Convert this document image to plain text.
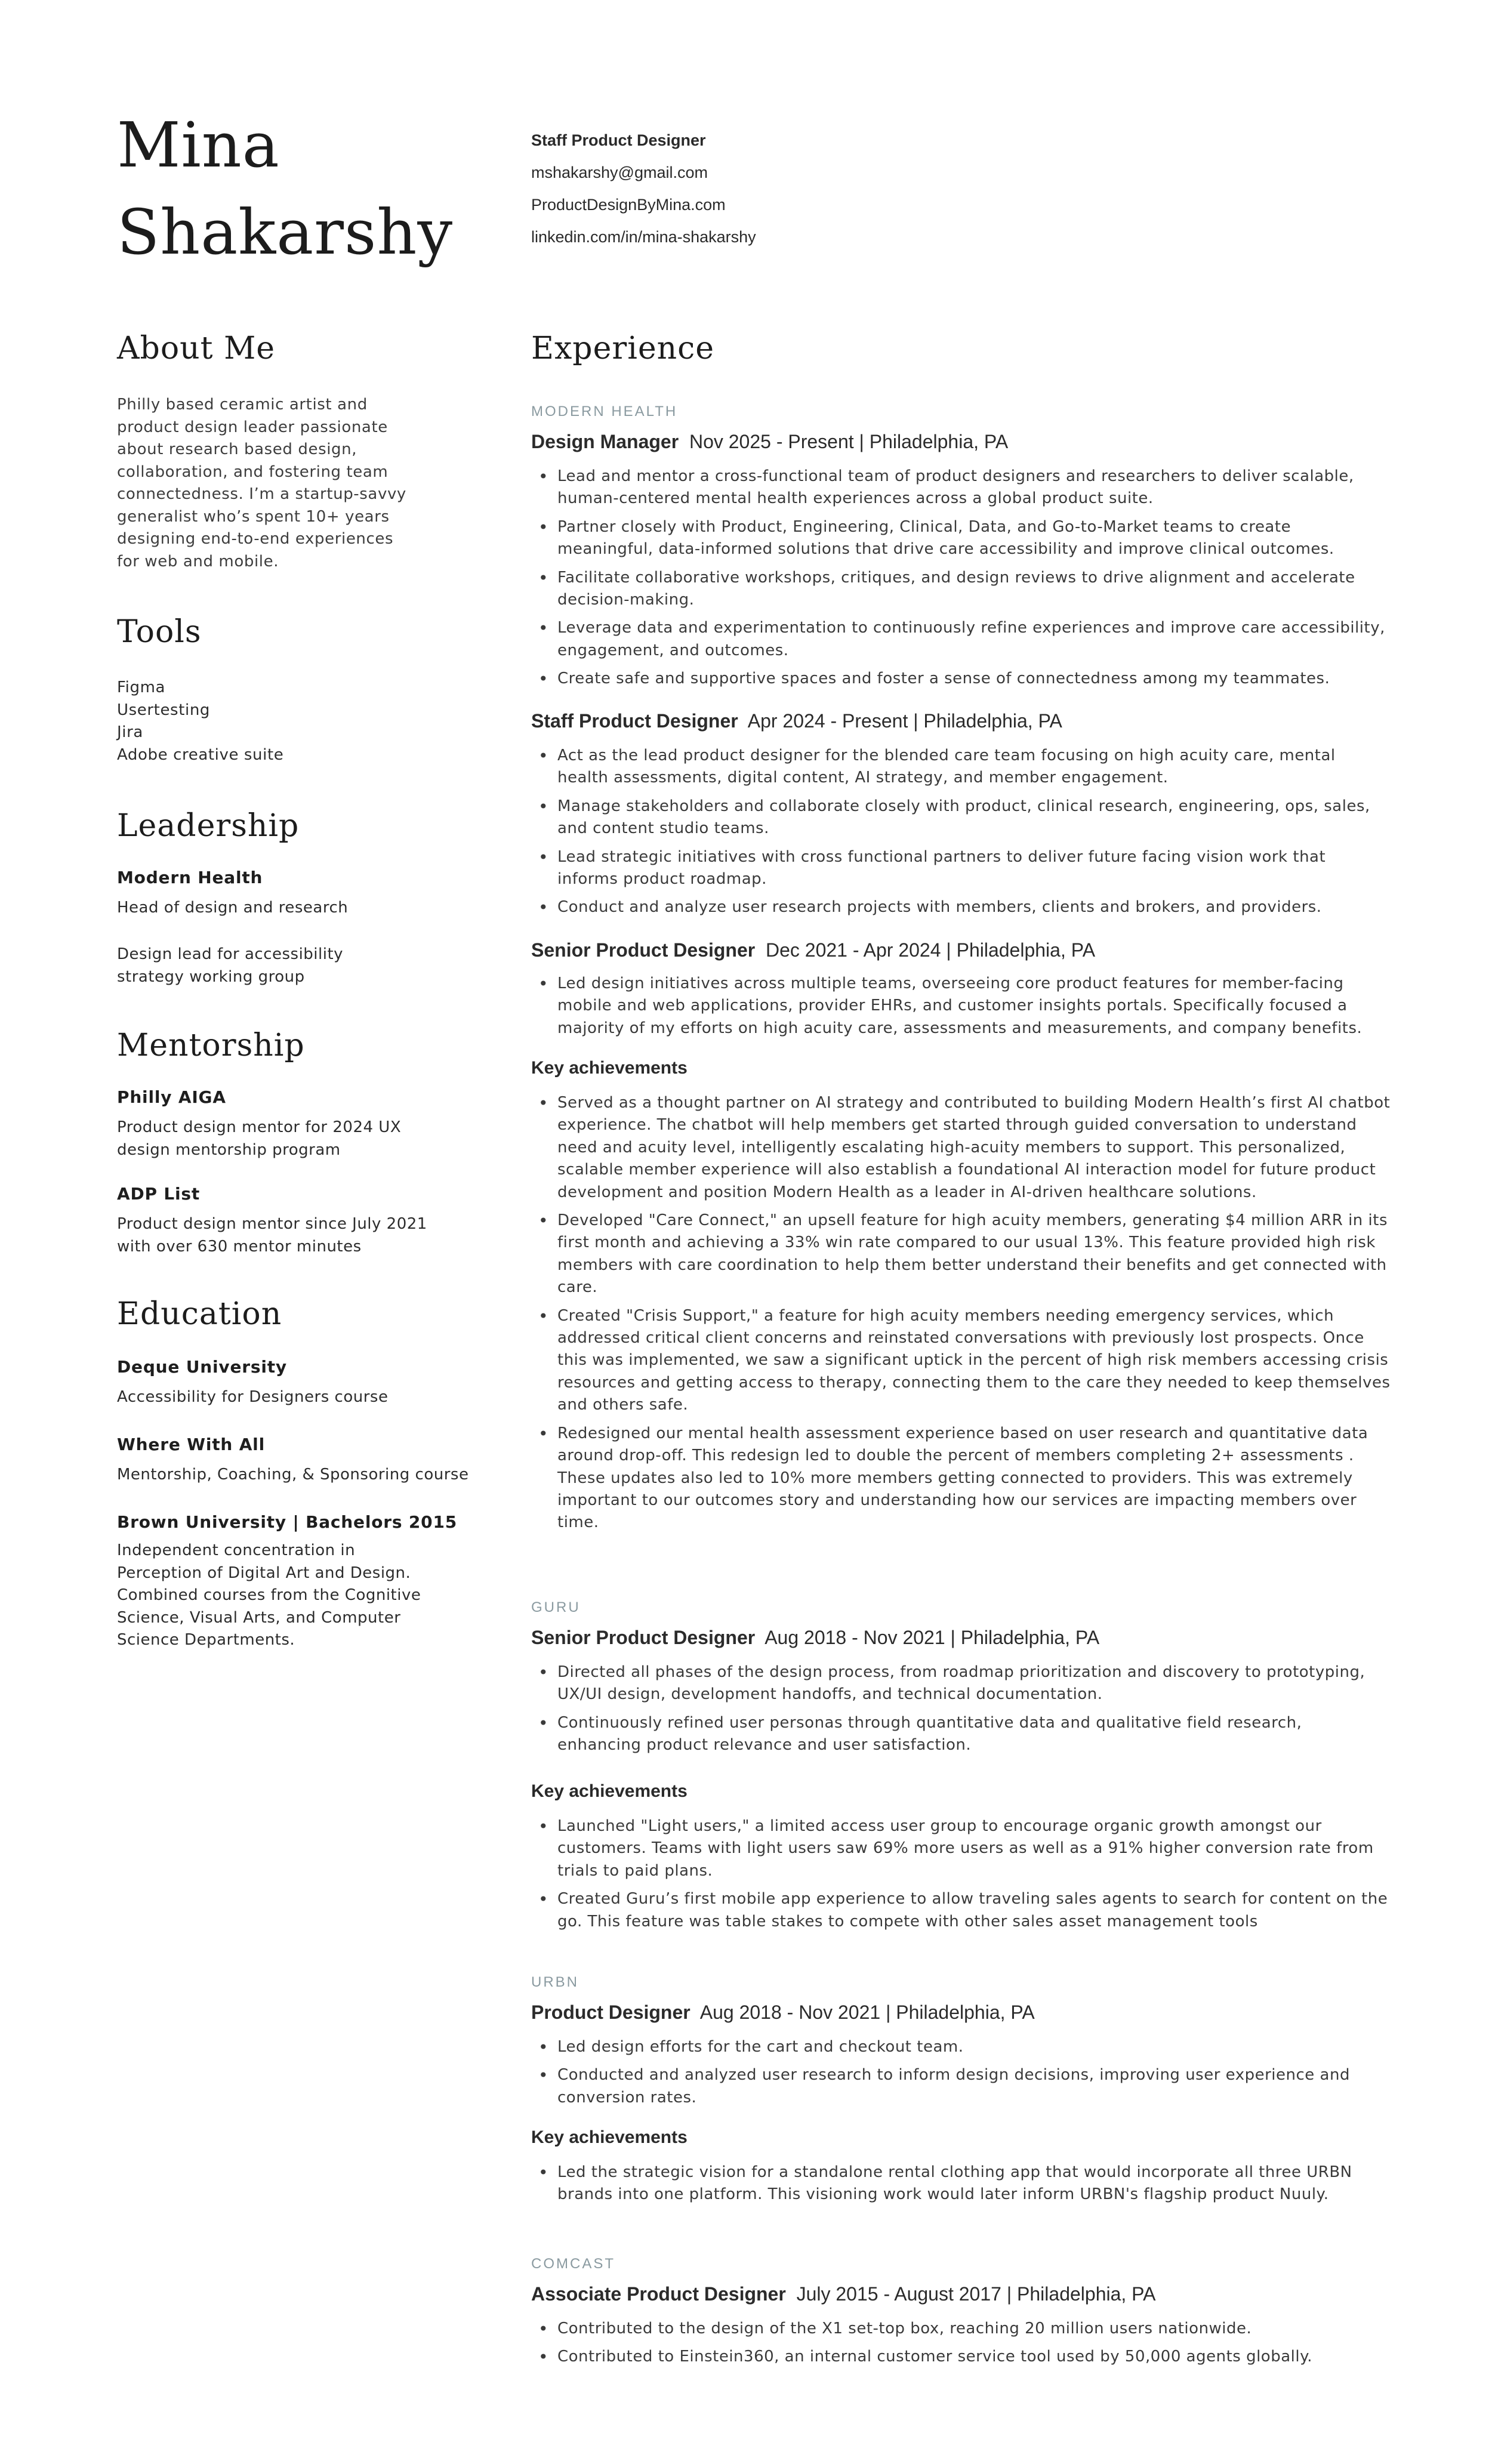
Mina
Shakarshy
Staff Product Designer
mshakarshy@gmail.com
ProductDesignByMina.com
linkedin.com/in/mina-shakarshy
About Me
Philly based ceramic artist and
product design leader passionate
about research based design,
collaboration, and fostering team
connectedness. I’m a startup-savvy
generalist who’s spent 10+ years
designing end-to-end experiences
for web and mobile.
Tools
Figma
Usertesting
Jira
Adobe creative suite
Leadership
Modern Health
Head of design and research
Design lead for accessibility
strategy working group
Mentorship
Philly AIGA
Product design mentor for 2024 UX
design mentorship program
ADP List
Product design mentor since July 2021
with over 630 mentor minutes
Education
Deque University
Accessibility for Designers course
Where With All
Mentorship, Coaching, & Sponsoring course
Brown University | Bachelors 2015
Independent concentration in
Perception of Digital Art and Design.
Combined courses from the Cognitive
Science, Visual Arts, and Computer
Science Departments.
Experience
MODERN HEALTH
Design Manager Nov 2025 - Present | Philadelphia, PA
• Lead and mentor a cross-functional team of product designers and researchers to deliver scalable, human-centered mental health experiences across a global product suite.
• Partner closely with Product, Engineering, Clinical, Data, and Go-to-Market teams to create meaningful, data-informed solutions that drive care accessibility and improve clinical outcomes.
• Facilitate collaborative workshops, critiques, and design reviews to drive alignment and accelerate decision-making.
• Leverage data and experimentation to continuously refine experiences and improve care accessibility, engagement, and outcomes.
• Create safe and supportive spaces and foster a sense of connectedness among my teammates.
Staff Product Designer Apr 2024 - Present | Philadelphia, PA
• Act as the lead product designer for the blended care team focusing on high acuity care, mental health assessments, digital content, AI strategy, and member engagement.
• Manage stakeholders and collaborate closely with product, clinical research, engineering, ops, sales, and content studio teams.
• Lead strategic initiatives with cross functional partners to deliver future facing vision work that informs product roadmap.
• Conduct and analyze user research projects with members, clients and brokers, and providers.
Senior Product Designer Dec 2021 - Apr 2024 | Philadelphia, PA
• Led design initiatives across multiple teams, overseeing core product features for member-facing mobile and web applications, provider EHRs, and customer insights portals. Specifically focused a majority of my efforts on high acuity care, assessments and measurements, and company benefits.
Key achievements
• Served as a thought partner on AI strategy and contributed to building Modern Health’s first AI chatbot experience. The chatbot will help members get started through guided conversation to understand need and acuity level, intelligently escalating high-acuity members to support. This personalized, scalable member experience will also establish a foundational AI interaction model for future product development and position Modern Health as a leader in AI-driven healthcare solutions.
• Developed "Care Connect," an upsell feature for high acuity members, generating $4 million ARR in its first month and achieving a 33% win rate compared to our usual 13%. This feature provided high risk members with care coordination to help them better understand their benefits and get connected with care.
• Created "Crisis Support," a feature for high acuity members needing emergency services, which addressed critical client concerns and reinstated conversations with previously lost prospects. Once this was implemented, we saw a significant uptick in the percent of high risk members accessing crisis resources and getting access to therapy, connecting them to the care they needed to keep themselves and others safe.
• Redesigned our mental health assessment experience based on user research and quantitative data around drop-off. This redesign led to double the percent of members completing 2+ assessments . These updates also led to 10% more members getting connected to providers. This was extremely important to our outcomes story and understanding how our services are impacting members over time.
GURU
Senior Product Designer Aug 2018 - Nov 2021 | Philadelphia, PA
• Directed all phases of the design process, from roadmap prioritization and discovery to prototyping, UX/UI design, development handoffs, and technical documentation.
• Continuously refined user personas through quantitative data and qualitative field research, enhancing product relevance and user satisfaction.
Key achievements
• Launched "Light users," a limited access user group to encourage organic growth amongst our customers. Teams with light users saw 69% more users as well as a 91% higher conversion rate from trials to paid plans.
• Created Guru’s first mobile app experience to allow traveling sales agents to search for content on the go. This feature was table stakes to compete with other sales asset management tools
URBN
Product Designer Aug 2018 - Nov 2021 | Philadelphia, PA
• Led design efforts for the cart and checkout team.
• Conducted and analyzed user research to inform design decisions, improving user experience and conversion rates.
Key achievements
• Led the strategic vision for a standalone rental clothing app that would incorporate all three URBN brands into one platform. This visioning work would later inform URBN's flagship product Nuuly.
COMCAST
Associate Product Designer July 2015 - August 2017 | Philadelphia, PA
• Contributed to the design of the X1 set-top box, reaching 20 million users nationwide.
• Contributed to Einstein360, an internal customer service tool used by 50,000 agents globally.
